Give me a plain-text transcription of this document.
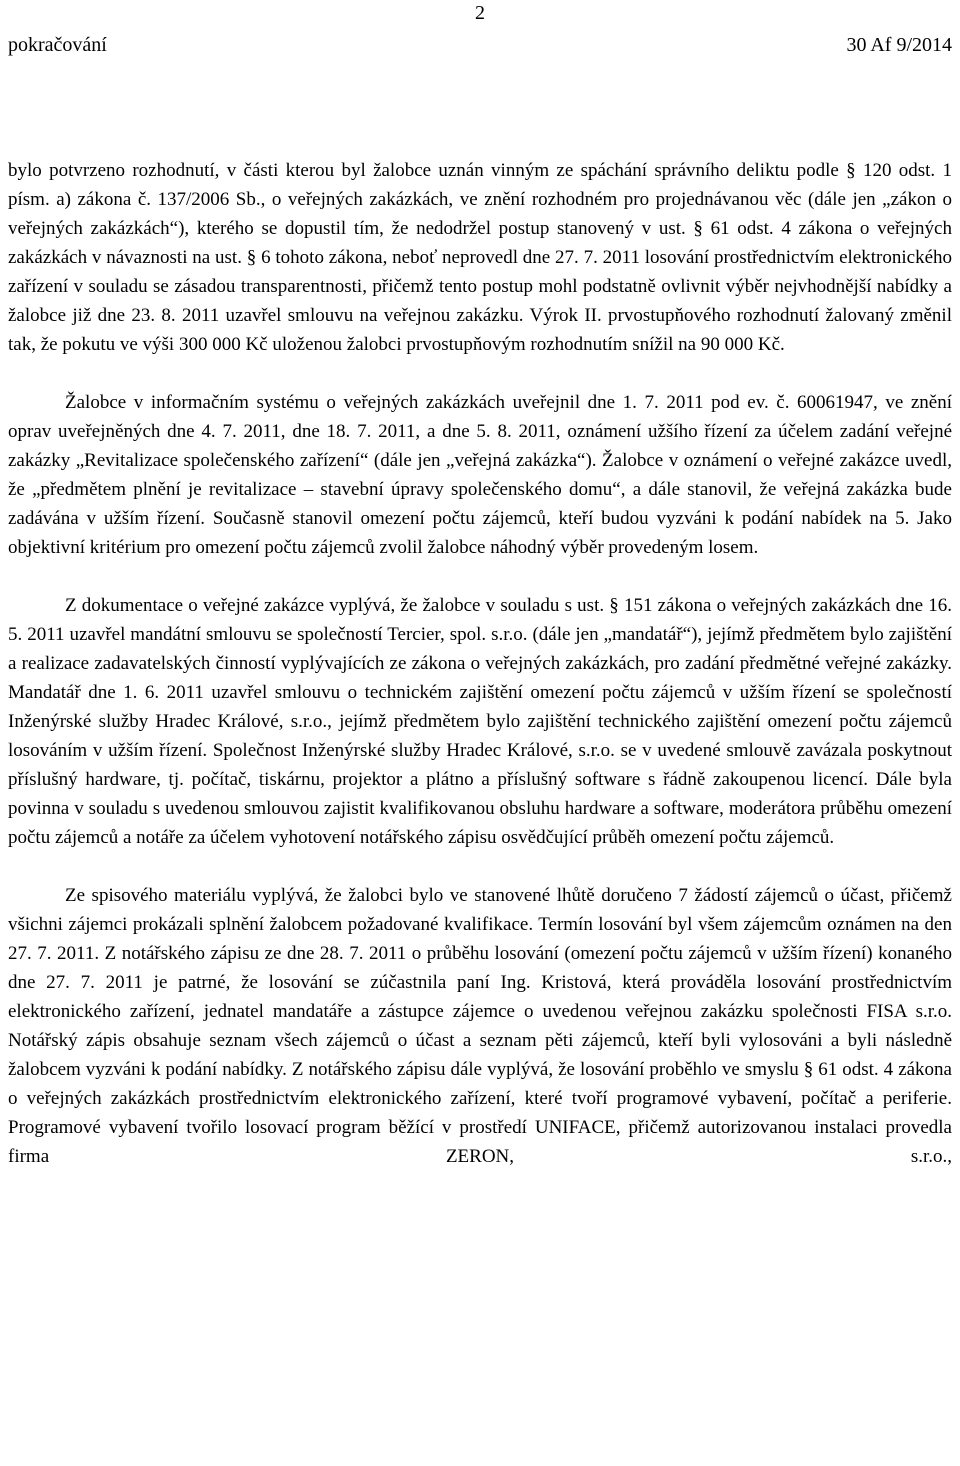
2
pokračování	30 Af 9/2014

bylo potvrzeno rozhodnutí, v části kterou byl žalobce uznán vinným ze spáchání správního deliktu podle § 120 odst. 1 písm. a) zákona č. 137/2006 Sb., o veřejných zakázkách, ve znění rozhodném pro projednávanou věc (dále jen „zákon o veřejných zakázkách“), kterého se dopustil tím, že nedodržel postup stanovený v ust. § 61 odst. 4 zákona o veřejných zakázkách v návaznosti na ust. § 6 tohoto zákona, neboť neprovedl dne 27. 7. 2011 losování prostřednictvím elektronického zařízení v souladu se zásadou transparentnosti, přičemž tento postup mohl podstatně ovlivnit výběr nejvhodnější nabídky a žalobce již dne 23. 8. 2011 uzavřel smlouvu na veřejnou zakázku. Výrok II. prvostupňového rozhodnutí žalovaný změnil tak, že pokutu ve výši 300 000 Kč uloženou žalobci prvostupňovým rozhodnutím snížil na 90 000 Kč.

Žalobce v informačním systému o veřejných zakázkách uveřejnil dne 1. 7. 2011 pod ev. č. 60061947, ve znění oprav uveřejněných dne 4. 7. 2011, dne 18. 7. 2011, a dne 5. 8. 2011, oznámení užšího řízení za účelem zadání veřejné zakázky „Revitalizace společenského zařízení“ (dále jen „veřejná zakázka“). Žalobce v oznámení o veřejné zakázce uvedl, že „předmětem plnění je revitalizace – stavební úpravy společenského domu“, a dále stanovil, že veřejná zakázka bude zadávána v užším řízení. Současně stanovil omezení počtu zájemců, kteří budou vyzváni k podání nabídek na 5. Jako objektivní kritérium pro omezení počtu zájemců zvolil žalobce náhodný výběr provedeným losem.

Z dokumentace o veřejné zakázce vyplývá, že žalobce v souladu s ust. § 151 zákona o veřejných zakázkách dne 16. 5. 2011 uzavřel mandátní smlouvu se společností Tercier, spol. s.r.o. (dále jen „mandatář“), jejímž předmětem bylo zajištění a realizace zadavatelských činností vyplývajících ze zákona o veřejných zakázkách, pro zadání předmětné veřejné zakázky. Mandatář dne 1. 6. 2011 uzavřel smlouvu o technickém zajištění omezení počtu zájemců v užším řízení se společností Inženýrské služby Hradec Králové, s.r.o., jejímž předmětem bylo zajištění technického zajištění omezení počtu zájemců losováním v užším řízení. Společnost Inženýrské služby Hradec Králové, s.r.o. se v uvedené smlouvě zavázala poskytnout příslušný hardware, tj. počítač, tiskárnu, projektor a plátno a příslušný software s řádně zakoupenou licencí. Dále byla povinna v souladu s uvedenou smlouvou zajistit kvalifikovanou obsluhu hardware a software, moderátora průběhu omezení počtu zájemců a notáře za účelem vyhotovení notářského zápisu osvědčující průběh omezení počtu zájemců.

Ze spisového materiálu vyplývá, že žalobci bylo ve stanovené lhůtě doručeno 7 žádostí zájemců o účast, přičemž všichni zájemci prokázali splnění žalobcem požadované kvalifikace. Termín losování byl všem zájemcům oznámen na den 27. 7. 2011. Z notářského zápisu ze dne 28. 7. 2011 o průběhu losování (omezení počtu zájemců v užším řízení) konaného dne 27. 7. 2011 je patrné, že losování se zúčastnila paní Ing. Kristová, která prováděla losování prostřednictvím elektronického zařízení, jednatel mandatáře a zástupce zájemce o uvedenou veřejnou zakázku společnosti FISA s.r.o. Notářský zápis obsahuje seznam všech zájemců o účast a seznam pěti zájemců, kteří byli vylosováni a byli následně žalobcem vyzváni k podání nabídky. Z notářského zápisu dále vyplývá, že losování proběhlo ve smyslu § 61 odst. 4 zákona o veřejných zakázkách prostřednictvím elektronického zařízení, které tvoří programové vybavení, počítač a periferie. Programové vybavení tvořilo losovací program běžící v prostředí UNIFACE, přičemž autorizovanou instalaci provedla firma ZERON, s.r.o.,
